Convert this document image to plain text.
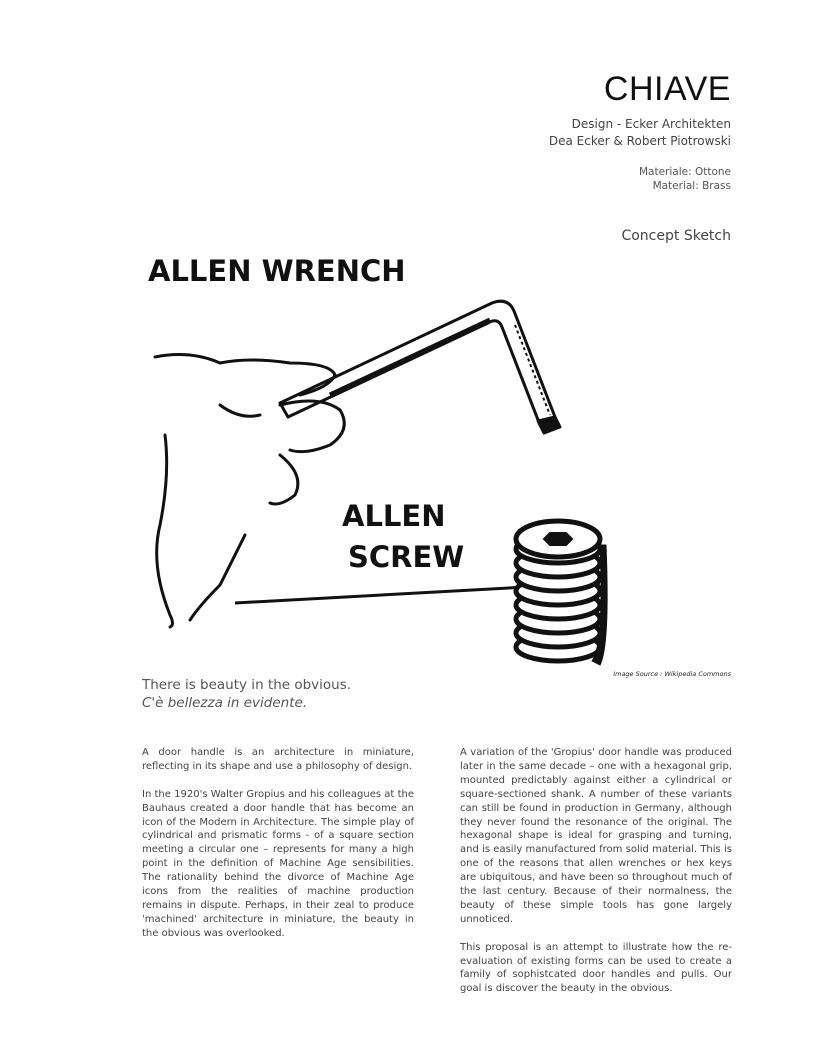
CHIAVE
Design - Ecker Architekten
Dea Ecker & Robert Piotrowski
Materiale: Ottone
Material: Brass
Concept Sketch
ALLEN WRENCH
ALLEN
SCREW
Image Source : Wikipedia Commons
There is beauty in the obvious.
C'è bellezza in evidente.

A door handle is an architecture in miniature, reflecting in its shape and use a philosophy of design.

In the 1920's Walter Gropius and his colleagues at the Bauhaus created a door handle that has become an icon of the Modern in Architecture. The simple play of cylindrical and prismatic forms - of a square section meeting a circular one – represents for many a high point in the definition of Machine Age sensibilities. The rationality behind the divorce of Machine Age icons from the realities of machine production remains in dispute. Perhaps, in their zeal to produce 'machined' architecture in miniature, the beauty in the obvious was overlooked.

A variation of the 'Gropius' door handle was produced later in the same decade – one with a hexagonal grip, mounted predictably against either a cylindrical or square-sectioned shank. A number of these variants can still be found in production in Germany, although they never found the resonance of the original. The hexagonal shape is ideal for grasping and turning, and is easily manufactured from solid material. This is one of the reasons that allen wrenches or hex keys are ubiquitous, and have been so throughout much of the last century. Because of their normalness, the beauty of these simple tools has gone largely unnoticed.

This proposal is an attempt to illustrate how the re-evaluation of existing forms can be used to create a family of sophistcated door handles and pulls. Our goal is discover the beauty in the obvious.
